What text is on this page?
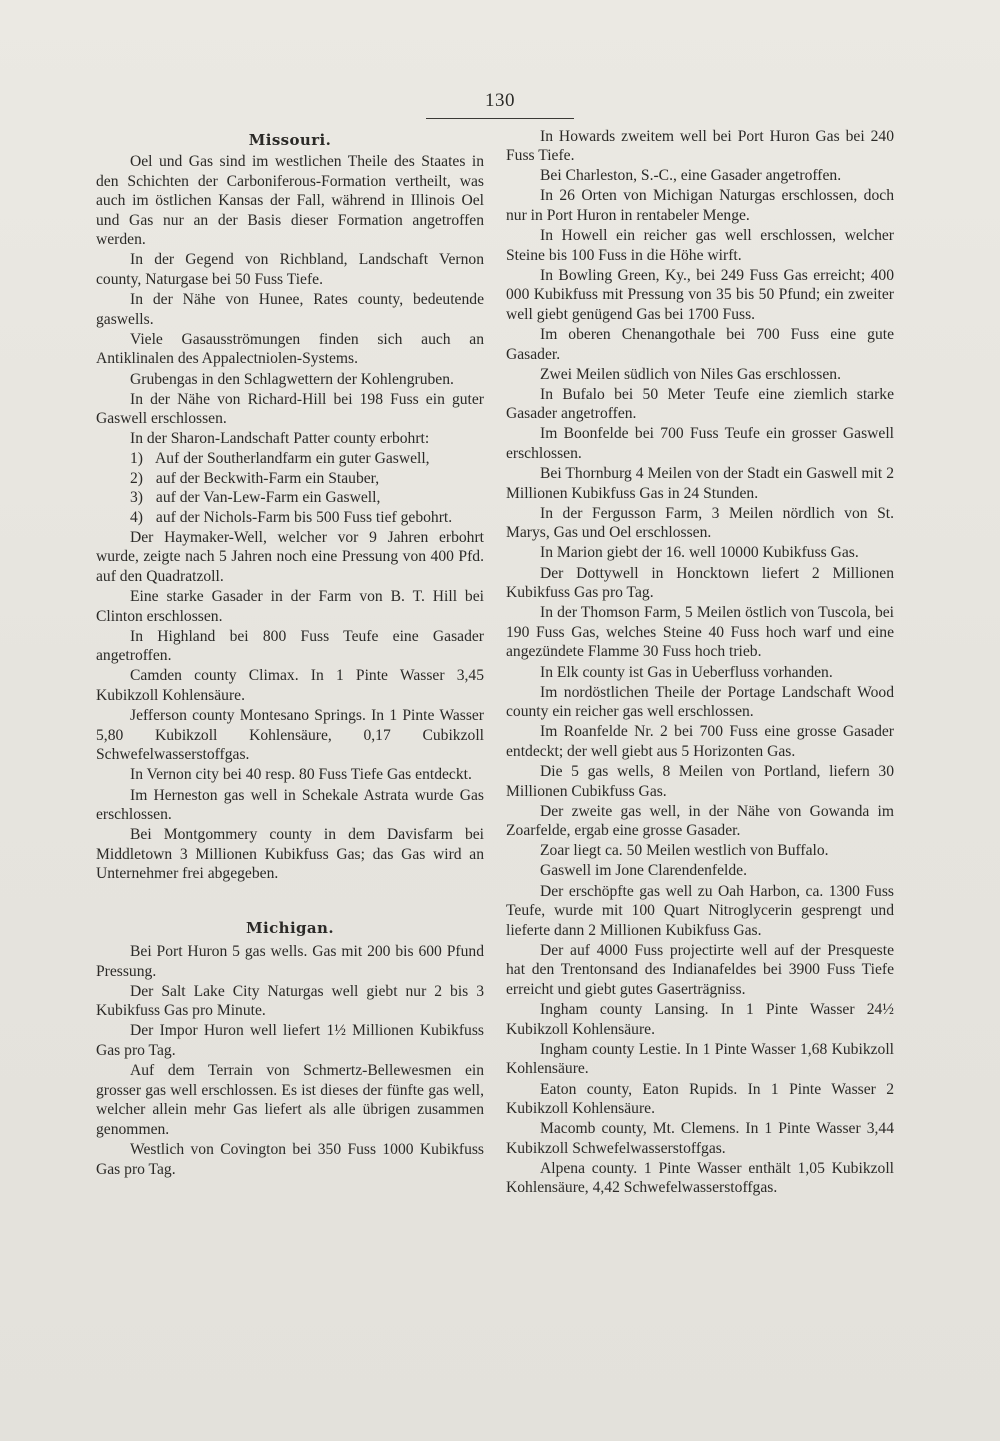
130
Missouri.

Oel und Gas sind im westlichen Theile des Staates in den Schichten der Carboniferous-Formation vertheilt, was auch im östlichen Kansas der Fall, während in Illinois Oel und Gas nur an der Basis dieser Formation angetroffen werden.

In der Gegend von Richbland, Landschaft Vernon county, Naturgase bei 50 Fuss Tiefe.

In der Nähe von Hunee, Rates county, bedeutende gaswells.

Viele Gasausströmungen finden sich auch an Antiklinalen des Appalectniolen-Systems.

Grubengas in den Schlagwettern der Kohlengruben.

In der Nähe von Richard-Hill bei 198 Fuss ein guter Gaswell erschlossen.

In der Sharon-Landschaft Patter county erbohrt:

1) Auf der Southerlandfarm ein guter Gaswell,
2) auf der Beckwith-Farm ein Stauber,
3) auf der Van-Lew-Farm ein Gaswell,
4) auf der Nichols-Farm bis 500 Fuss tief gebohrt.

Der Haymaker-Well, welcher vor 9 Jahren erbohrt wurde, zeigte nach 5 Jahren noch eine Pressung von 400 Pfd. auf den Quadratzoll.

Eine starke Gasader in der Farm von B. T. Hill bei Clinton erschlossen.

In Highland bei 800 Fuss Teufe eine Gasader angetroffen.

Camden county Climax. In 1 Pinte Wasser 3,45 Kubikzoll Kohlensäure.

Jefferson county Montesano Springs. In 1 Pinte Wasser 5,80 Kubikzoll Kohlensäure, 0,17 Cubikzoll Schwefelwasserstoffgas.

In Vernon city bei 40 resp. 80 Fuss Tiefe Gas entdeckt.

Im Herneston gas well in Schekale Astrata wurde Gas erschlossen.

Bei Montgommery county in dem Davisfarm bei Middletown 3 Millionen Kubikfuss Gas; das Gas wird an Unternehmer frei abgegeben.

Michigan.

Bei Port Huron 5 gas wells. Gas mit 200 bis 600 Pfund Pressung.

Der Salt Lake City Naturgas well giebt nur 2 bis 3 Kubikfuss Gas pro Minute.

Der Impor Huron well liefert 1½ Millionen Kubikfuss Gas pro Tag.

Auf dem Terrain von Schmertz-Bellewesmen ein grosser gas well erschlossen. Es ist dieses der fünfte gas well, welcher allein mehr Gas liefert als alle übrigen zusammen genommen.

Westlich von Covington bei 350 Fuss 1000 Kubikfuss Gas pro Tag.

In Howards zweitem well bei Port Huron Gas bei 240 Fuss Tiefe.

Bei Charleston, S.-C., eine Gasader angetroffen.

In 26 Orten von Michigan Naturgas erschlossen, doch nur in Port Huron in rentabeler Menge.

In Howell ein reicher gas well erschlossen, welcher Steine bis 100 Fuss in die Höhe wirft.

In Bowling Green, Ky., bei 249 Fuss Gas erreicht; 400 000 Kubikfuss mit Pressung von 35 bis 50 Pfund; ein zweiter well giebt genügend Gas bei 1700 Fuss.

Im oberen Chenangothale bei 700 Fuss eine gute Gasader.

Zwei Meilen südlich von Niles Gas erschlossen.

In Bufalo bei 50 Meter Teufe eine ziemlich starke Gasader angetroffen.

Im Boonfelde bei 700 Fuss Teufe ein grosser Gaswell erschlossen.

Bei Thornburg 4 Meilen von der Stadt ein Gaswell mit 2 Millionen Kubikfuss Gas in 24 Stunden.

In der Fergusson Farm, 3 Meilen nördlich von St. Marys, Gas und Oel erschlossen.

In Marion giebt der 16. well 10000 Kubikfuss Gas.

Der Dottywell in Honcktown liefert 2 Millionen Kubikfuss Gas pro Tag.

In der Thomson Farm, 5 Meilen östlich von Tuscola, bei 190 Fuss Gas, welches Steine 40 Fuss hoch warf und eine angezündete Flamme 30 Fuss hoch trieb.

In Elk county ist Gas in Ueberfluss vorhanden.

Im nordöstlichen Theile der Portage Landschaft Wood county ein reicher gas well erschlossen.

Im Roanfelde Nr. 2 bei 700 Fuss eine grosse Gasader entdeckt; der well giebt aus 5 Horizonten Gas.

Die 5 gas wells, 8 Meilen von Portland, liefern 30 Millionen Cubikfuss Gas.

Der zweite gas well, in der Nähe von Gowanda im Zoarfelde, ergab eine grosse Gasader.

Zoar liegt ca. 50 Meilen westlich von Buffalo.

Gaswell im Jone Clarendenfelde.

Der erschöpfte gas well zu Oah Harbon, ca. 1300 Fuss Teufe, wurde mit 100 Quart Nitroglycerin gesprengt und lieferte dann 2 Millionen Kubikfuss Gas.

Der auf 4000 Fuss projectirte well auf der Presqueste hat den Trentonsand des Indianafeldes bei 3900 Fuss Tiefe erreicht und giebt gutes Gaserträgniss.

Ingham county Lansing. In 1 Pinte Wasser 24½ Kubikzoll Kohlensäure.

Ingham county Lestie. In 1 Pinte Wasser 1,68 Kubikzoll Kohlensäure.

Eaton county, Eaton Rupids. In 1 Pinte Wasser 2 Kubikzoll Kohlensäure.

Macomb county, Mt. Clemens. In 1 Pinte Wasser 3,44 Kubikzoll Schwefelwasserstoffgas.

Alpena county. 1 Pinte Wasser enthält 1,05 Kubikzoll Kohlensäure, 4,42 Schwefelwasserstoffgas.
